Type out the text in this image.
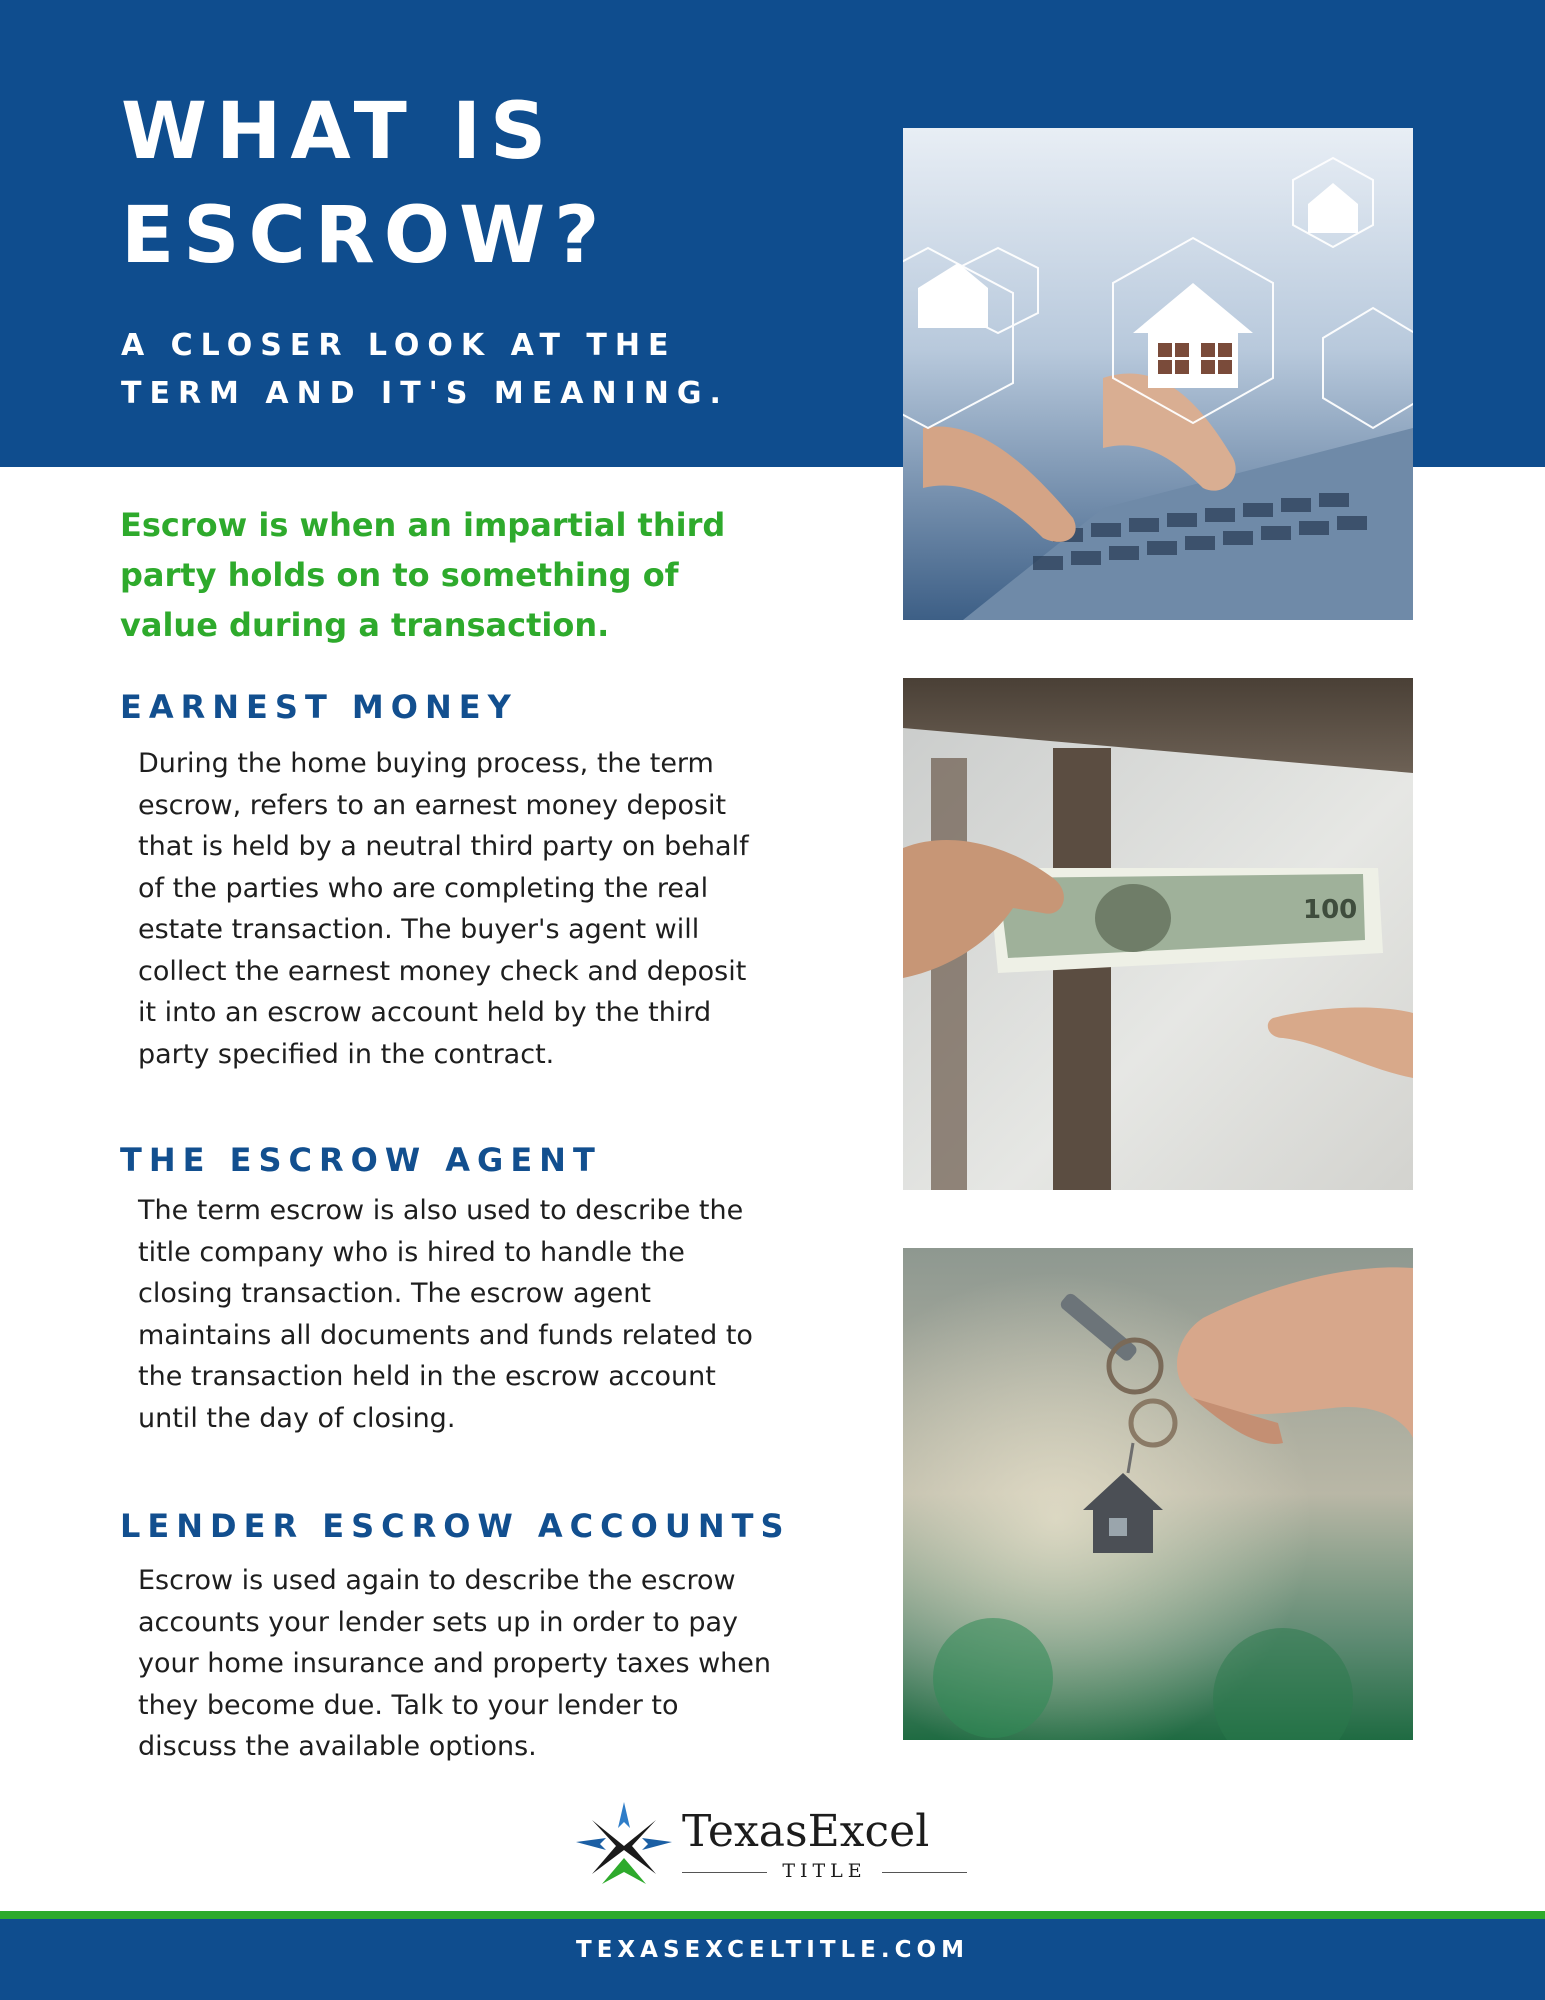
WHAT IS
ESCROW?
A CLOSER LOOK AT THE
TERM AND IT'S MEANING.
Escrow is when an impartial third
party holds on to something of
value during a transaction.
EARNEST MONEY
During the home buying process, the term
escrow, refers to an earnest money deposit
that is held by a neutral third party on behalf
of the parties who are completing the real
estate transaction. The buyer's agent will
collect the earnest money check and deposit
it into an escrow account held by the third
party specified in the contract.
THE ESCROW AGENT
The term escrow is also used to describe the
title company who is hired to handle the
closing transaction. The escrow agent
maintains all documents and funds related to
the transaction held in the escrow account
until the day of closing.
LENDER ESCROW ACCOUNTS
Escrow is used again to describe the escrow
accounts your lender sets up in order to pay
your home insurance and property taxes when
they become due. Talk to your lender to
discuss the available options.
100
TexasExcel
TITLE
TEXASEXCELTITLE.COM
